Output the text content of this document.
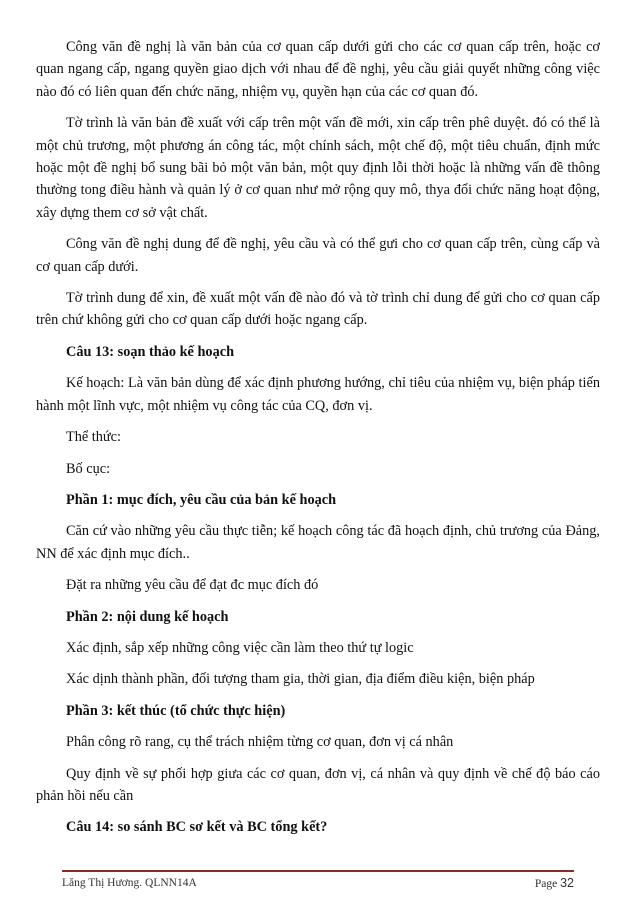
Công văn đề nghị là văn bản của cơ quan cấp dưới gửi cho các cơ quan cấp trên, hoặc cơ quan ngang cấp, ngang quyền giao dịch với nhau để đề nghị, yêu cầu giải quyết những công việc nào đó có liên quan đến chức năng, nhiệm vụ, quyền hạn của các cơ quan đó.

Tờ trình là văn bản đề xuất với cấp trên một vấn đề mới, xin cấp trên phê duyệt. đó có thể là một chủ trương, một phương án công tác, một chính sách, một chế độ, một tiêu chuẩn, định mức hoặc một đề nghị bổ sung bãi bỏ một văn bản, một quy định lỗi thời hoặc là những vấn đề thông thường tong điều hành và quản lý ở cơ quan như mở rộng quy mô, thya đổi chức năng hoạt động, xây dựng them cơ sở vật chất.

Công văn đề nghị dung để đề nghị, yêu cầu và có thể gưi cho cơ quan cấp trên, cùng cấp và cơ quan cấp dưới.

Tờ trình dung để xin, đề xuất một vấn đề nào đó và tờ trình chỉ dung để gửi cho cơ quan cấp trên chứ không gửi cho cơ quan cấp dưới hoặc ngang cấp.

Câu 13: soạn thảo kế hoạch

Kế hoạch: Là văn bản dùng để xác định phương hướng, chỉ tiêu của nhiệm vụ, biện pháp tiến hành một lĩnh vực, một nhiệm vụ công tác của CQ, đơn vị.

Thể thức:

Bố cục:

Phần 1: mục đích, yêu cầu của bản kế hoạch

Căn cứ vào những yêu cầu thực tiễn; kế hoạch công tác đã hoạch định, chủ trương của Đảng, NN để xác định mục đích..

Đặt ra những yêu cầu để đạt đc mục đích đó

Phần 2: nội dung kế hoạch

Xác định, sắp xếp những công việc cần làm theo thứ tự logic

Xác dịnh thành phần, đối tượng tham gia, thời gian, địa điểm điều kiện, biện pháp

Phần 3: kết thúc (tổ chức thực hiện)

Phân công rõ rang, cụ thể trách nhiệm từng cơ quan, đơn vị cá nhân

Quy định về sự phối hợp giưa các cơ quan, đơn vị, cá nhân và quy định về chế độ báo cáo phản hồi nếu cần

Câu 14: so sánh BC sơ kết và BC tổng kết?

Lăng Thị Hương. QLNN14A	Page 32
